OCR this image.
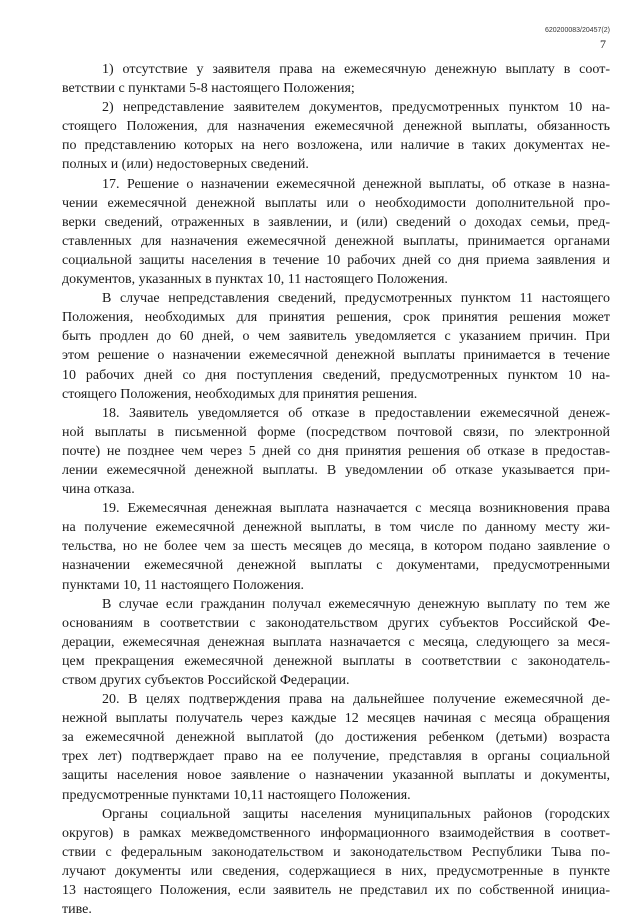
620200083/20457(2)
7
1) отсутствие у заявителя права на ежемесячную денежную выплату в соот-
ветствии с пунктами 5-8 настоящего Положения;
2) непредставление заявителем документов, предусмотренных пунктом 10 на-
стоящего Положения, для назначения ежемесячной денежной выплаты, обязанность
по представлению которых на него возложена, или наличие в таких документах не-
полных и (или) недостоверных сведений.
17. Решение о назначении ежемесячной денежной выплаты, об отказе в назна-
чении ежемесячной денежной выплаты или о необходимости дополнительной про-
верки сведений, отраженных в заявлении, и (или) сведений о доходах семьи, пред-
ставленных для назначения ежемесячной денежной выплаты, принимается органами
социальной защиты населения в течение 10 рабочих дней со дня приема заявления и
документов, указанных в пунктах 10, 11 настоящего Положения.
В случае непредставления сведений, предусмотренных пунктом 11 настоящего
Положения, необходимых для принятия решения, срок принятия решения может
быть продлен до 60 дней, о чем заявитель уведомляется с указанием причин. При
этом решение о назначении ежемесячной денежной выплаты принимается в течение
10 рабочих дней со дня поступления сведений, предусмотренных пунктом 10 на-
стоящего Положения, необходимых для принятия решения.
18. Заявитель уведомляется об отказе в предоставлении ежемесячной денеж-
ной выплаты в письменной форме (посредством почтовой связи, по электронной
почте) не позднее чем через 5 дней со дня принятия решения об отказе в предостав-
лении ежемесячной денежной выплаты. В уведомлении об отказе указывается при-
чина отказа.
19. Ежемесячная денежная выплата назначается с месяца возникновения права
на получение ежемесячной денежной выплаты, в том числе по данному месту жи-
тельства, но не более чем за шесть месяцев до месяца, в котором подано заявление о
назначении ежемесячной денежной выплаты с документами, предусмотренными
пунктами 10, 11 настоящего Положения.
В случае если гражданин получал ежемесячную денежную выплату по тем же
основаниям в соответствии с законодательством других субъектов Российской Фе-
дерации, ежемесячная денежная выплата назначается с месяца, следующего за меся-
цем прекращения ежемесячной денежной выплаты в соответствии с законодатель-
ством других субъектов Российской Федерации.
20. В целях подтверждения права на дальнейшее получение ежемесячной де-
нежной выплаты получатель через каждые 12 месяцев начиная с месяца обращения
за ежемесячной денежной выплатой (до достижения ребенком (детьми) возраста
трех лет) подтверждает право на ее получение, представляя в органы социальной
защиты населения новое заявление о назначении указанной выплаты и документы,
предусмотренные пунктами 10,11 настоящего Положения.
Органы социальной защиты населения муниципальных районов (городских
округов) в рамках межведомственного информационного взаимодействия в соответ-
ствии с федеральным законодательством и законодательством Республики Тыва по-
лучают документы или сведения, содержащиеся в них, предусмотренные в пункте
13 настоящего Положения, если заявитель не представил их по собственной инициа-
тиве.
